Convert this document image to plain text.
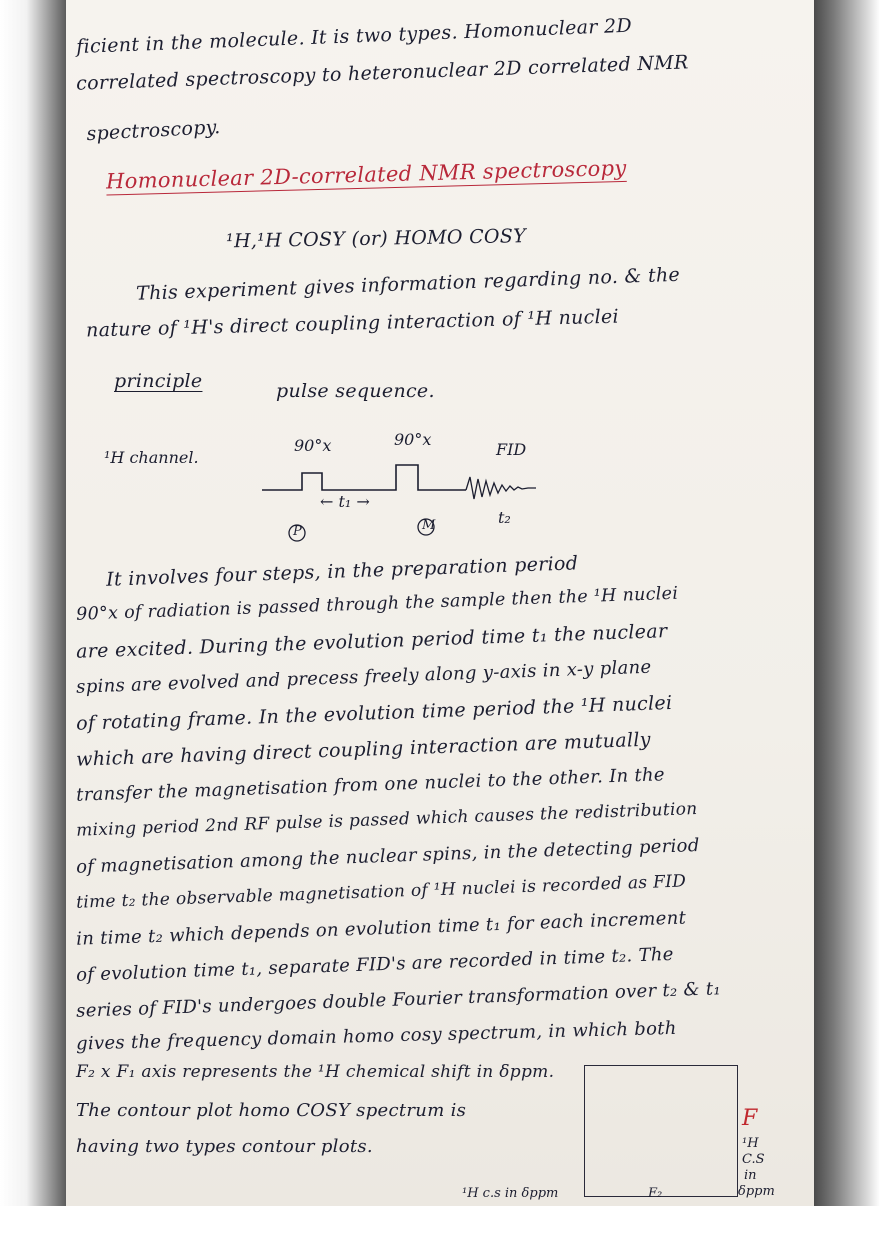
ficient in the molecule. It is two types. Homonuclear 2D
correlated spectroscopy to heteronuclear 2D correlated NMR
spectroscopy.
Homonuclear 2D-correlated NMR spectroscopy
¹H,¹H COSY (or) HOMO COSY
This experiment gives information regarding no. & the
nature of ¹H's direct coupling interaction of ¹H nuclei
principle	pulse sequence.
¹H channel.
90°x	90°x
FID
← t₁ →
t₂
P	M
It involves four steps, in the preparation period
90°x of radiation is passed through the sample then the ¹H nuclei
are excited. During the evolution period time t₁ the nuclear
spins are evolved and precess freely along y-axis in x-y plane
of rotating frame. In the evolution time period the ¹H nuclei
which are having direct coupling interaction are mutually
transfer the magnetisation from one nuclei to the other. In the
mixing period 2nd RF pulse is passed which causes the redistribution
of magnetisation among the nuclear spins, in the detecting period
time t₂ the observable magnetisation of ¹H nuclei is recorded as FID
in time t₂ which depends on evolution time t₁ for each increment
of evolution time t₁, separate FID's are recorded in time t₂. The
series of FID's undergoes double Fourier transformation over t₂ & t₁
gives the frequency domain homo cosy spectrum, in which both
F₂ x F₁ axis represents the ¹H chemical shift in δppm.
The contour plot homo COSY spectrum is
having two types contour plots.
F
¹H
C.S
in
δppm
F₂
¹H c.s in δppm
